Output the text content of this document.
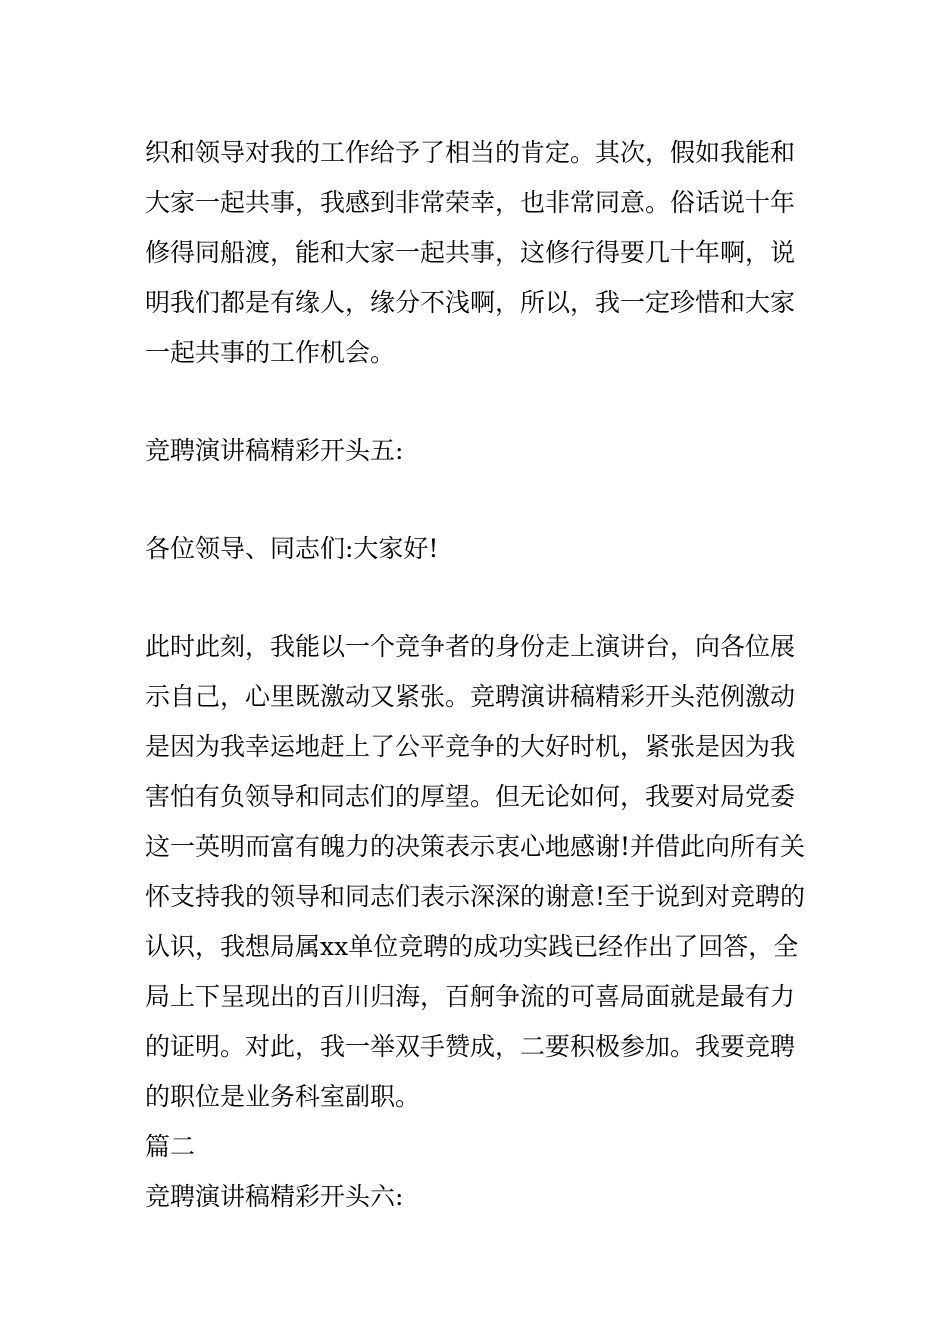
织和领导对我的工作给予了相当的肯定。其次，假如我能和大家一起共事，我感到非常荣幸，也非常同意。俗话说十年修得同船渡，能和大家一起共事，这修行得要几十年啊，说明我们都是有缘人，缘分不浅啊，所以，我一定珍惜和大家一起共事的工作机会。

竞聘演讲稿精彩开头五:

各位领导、同志们:大家好!

此时此刻，我能以一个竞争者的身份走上演讲台，向各位展示自己，心里既激动又紧张。竞聘演讲稿精彩开头范例激动是因为我幸运地赶上了公平竞争的大好时机，紧张是因为我害怕有负领导和同志们的厚望。但无论如何，我要对局党委这一英明而富有魄力的决策表示衷心地感谢!并借此向所有关怀支持我的领导和同志们表示深深的谢意!至于说到对竞聘的认识，我想局属xx单位竞聘的成功实践已经作出了回答，全局上下呈现出的百川归海，百舸争流的可喜局面就是最有力的证明。对此，我一举双手赞成，二要积极参加。我要竞聘的职位是业务科室副职。

篇二

竞聘演讲稿精彩开头六:
